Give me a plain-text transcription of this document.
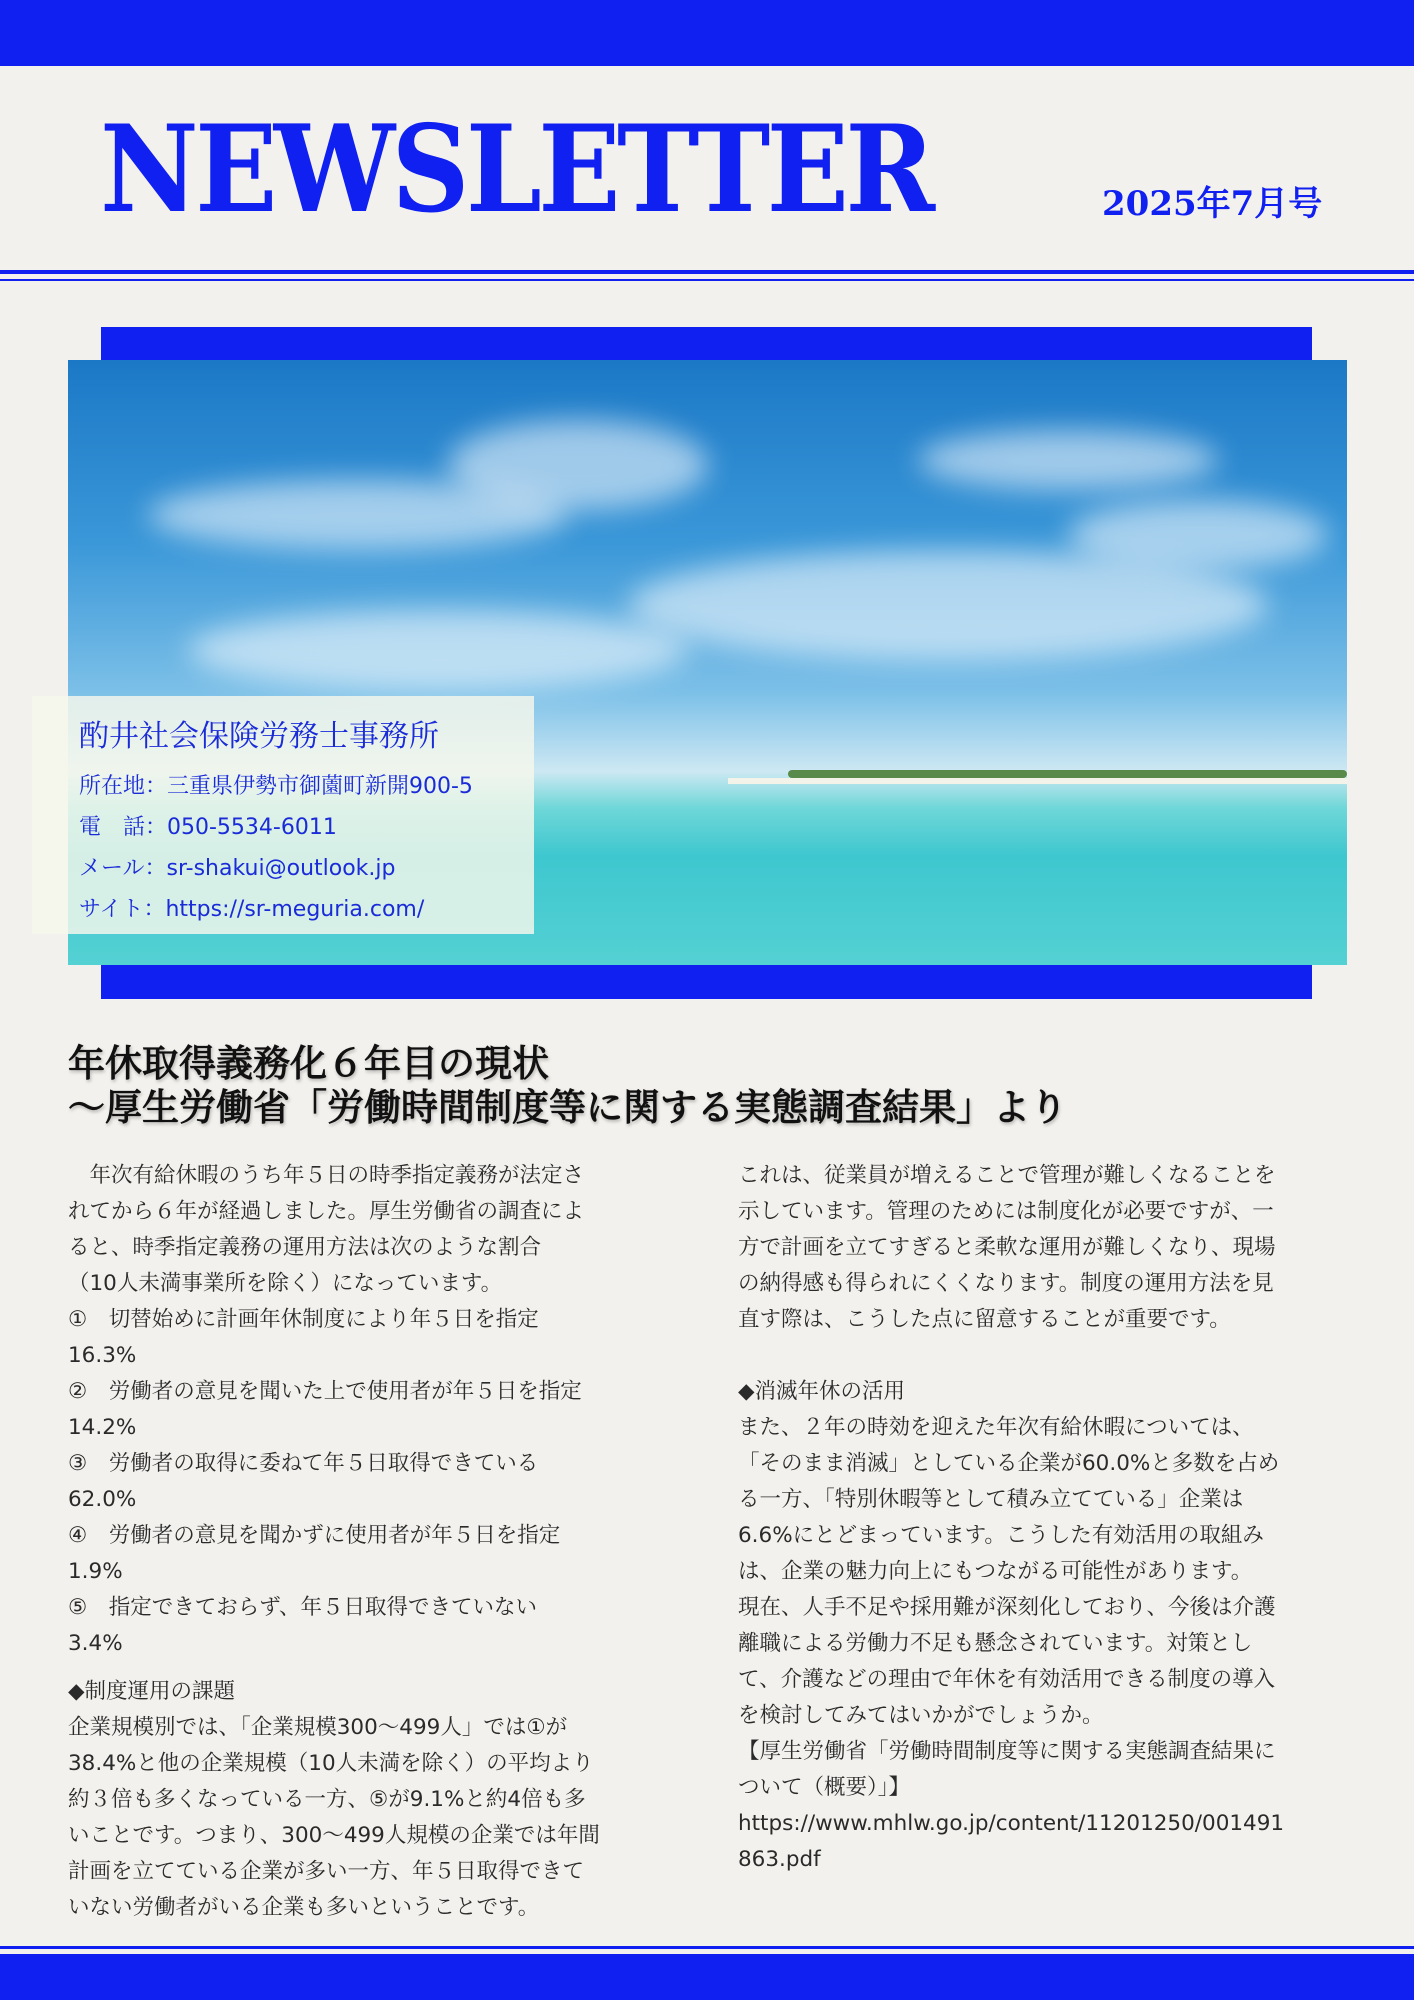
NEWSLETTER	2025年7月号
酌井社会保険労務士事務所
所在地：三重県伊勢市御薗町新開900-5
電　話：050-5534-6011
メール：sr-shakui@outlook.jp
サイト：https://sr-meguria.com/
年休取得義務化６年目の現状
〜厚生労働省「労働時間制度等に関する実態調査結果」より

　年次有給休暇のうち年５日の時季指定義務が法定さ

れてから６年が経過しました。厚生労働省の調査によ

ると、時季指定義務の運用方法は次のような割合

（10人未満事業所を除く）になっています。

①　切替始めに計画年休制度により年５日を指定

16.3%

②　労働者の意見を聞いた上で使用者が年５日を指定

14.2%

③　労働者の取得に委ねて年５日取得できている

62.0%

④　労働者の意見を聞かずに使用者が年５日を指定

1.9%

⑤　指定できておらず、年５日取得できていない

3.4%

◆制度運用の課題

企業規模別では、「企業規模300〜499人」では①が

38.4%と他の企業規模（10人未満を除く）の平均より

約３倍も多くなっている一方、⑤が9.1%と約4倍も多

いことです。つまり、300〜499人規模の企業では年間

計画を立てている企業が多い一方、年５日取得できて

いない労働者がいる企業も多いということです。

これは、従業員が増えることで管理が難しくなることを

示しています。管理のためには制度化が必要ですが、一

方で計画を立てすぎると柔軟な運用が難しくなり、現場

の納得感も得られにくくなります。制度の運用方法を見

直す際は、こうした点に留意することが重要です。

◆消滅年休の活用

また、２年の時効を迎えた年次有給休暇については、

「そのまま消滅」としている企業が60.0%と多数を占め

る一方、「特別休暇等として積み立てている」企業は

6.6%にとどまっています。こうした有効活用の取組み

は、企業の魅力向上にもつながる可能性があります。

現在、人手不足や採用難が深刻化しており、今後は介護

離職による労働力不足も懸念されています。対策とし

て、介護などの理由で年休を有効活用できる制度の導入

を検討してみてはいかがでしょうか。

【厚生労働省「労働時間制度等に関する実態調査結果に

ついて（概要）」】

https://www.mhlw.go.jp/content/11201250/001491

863.pdf
